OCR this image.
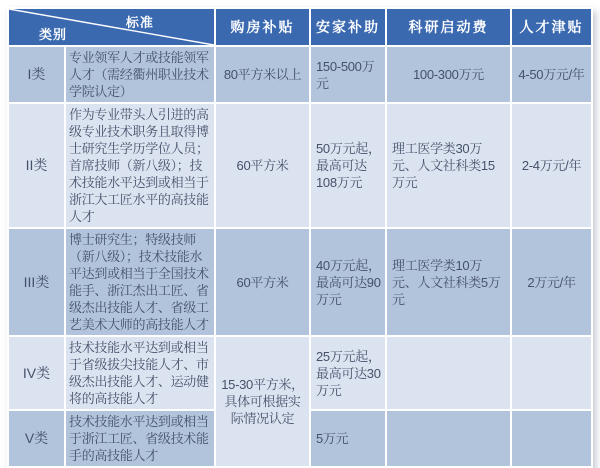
标准
类别		购房补贴	安家补助	科研启动费	人才津贴
I类	专业领军人才或技能领军人才（需经衢州职业技术学院认定）	80平方米以上	150-500万元	100-300万元	4-50万元/年
II类	作为专业带头人引进的高级专业技术职务且取得博士研究生学历学位人员；首席技师（新八级）；技术技能水平达到或相当于浙江大工匠水平的高技能人才	60平方米	50万元起，最高可达108万元	理工医学类30万元、人文社科类15万元	2-4万元/年
III类	博士研究生；特级技师（新八级）；技术技能水平达到或相当于全国技术能手、浙江杰出工匠、省级杰出技能人才、省级工艺美术大师的高技能人才	60平方米	40万元起，最高可达90万元	理工医学类10万元、人文社科类5万元	2万元/年
IV类	技术技能水平达到或相当于省级拔尖技能人才、市级杰出技能人才、运动健将的高技能人才	15-30平方米，具体可根据实际情况认定	25万元起，最高可达30万元		
V类	技术技能水平达到或相当于浙江工匠、省级技术能手的高技能人才		5万元		
